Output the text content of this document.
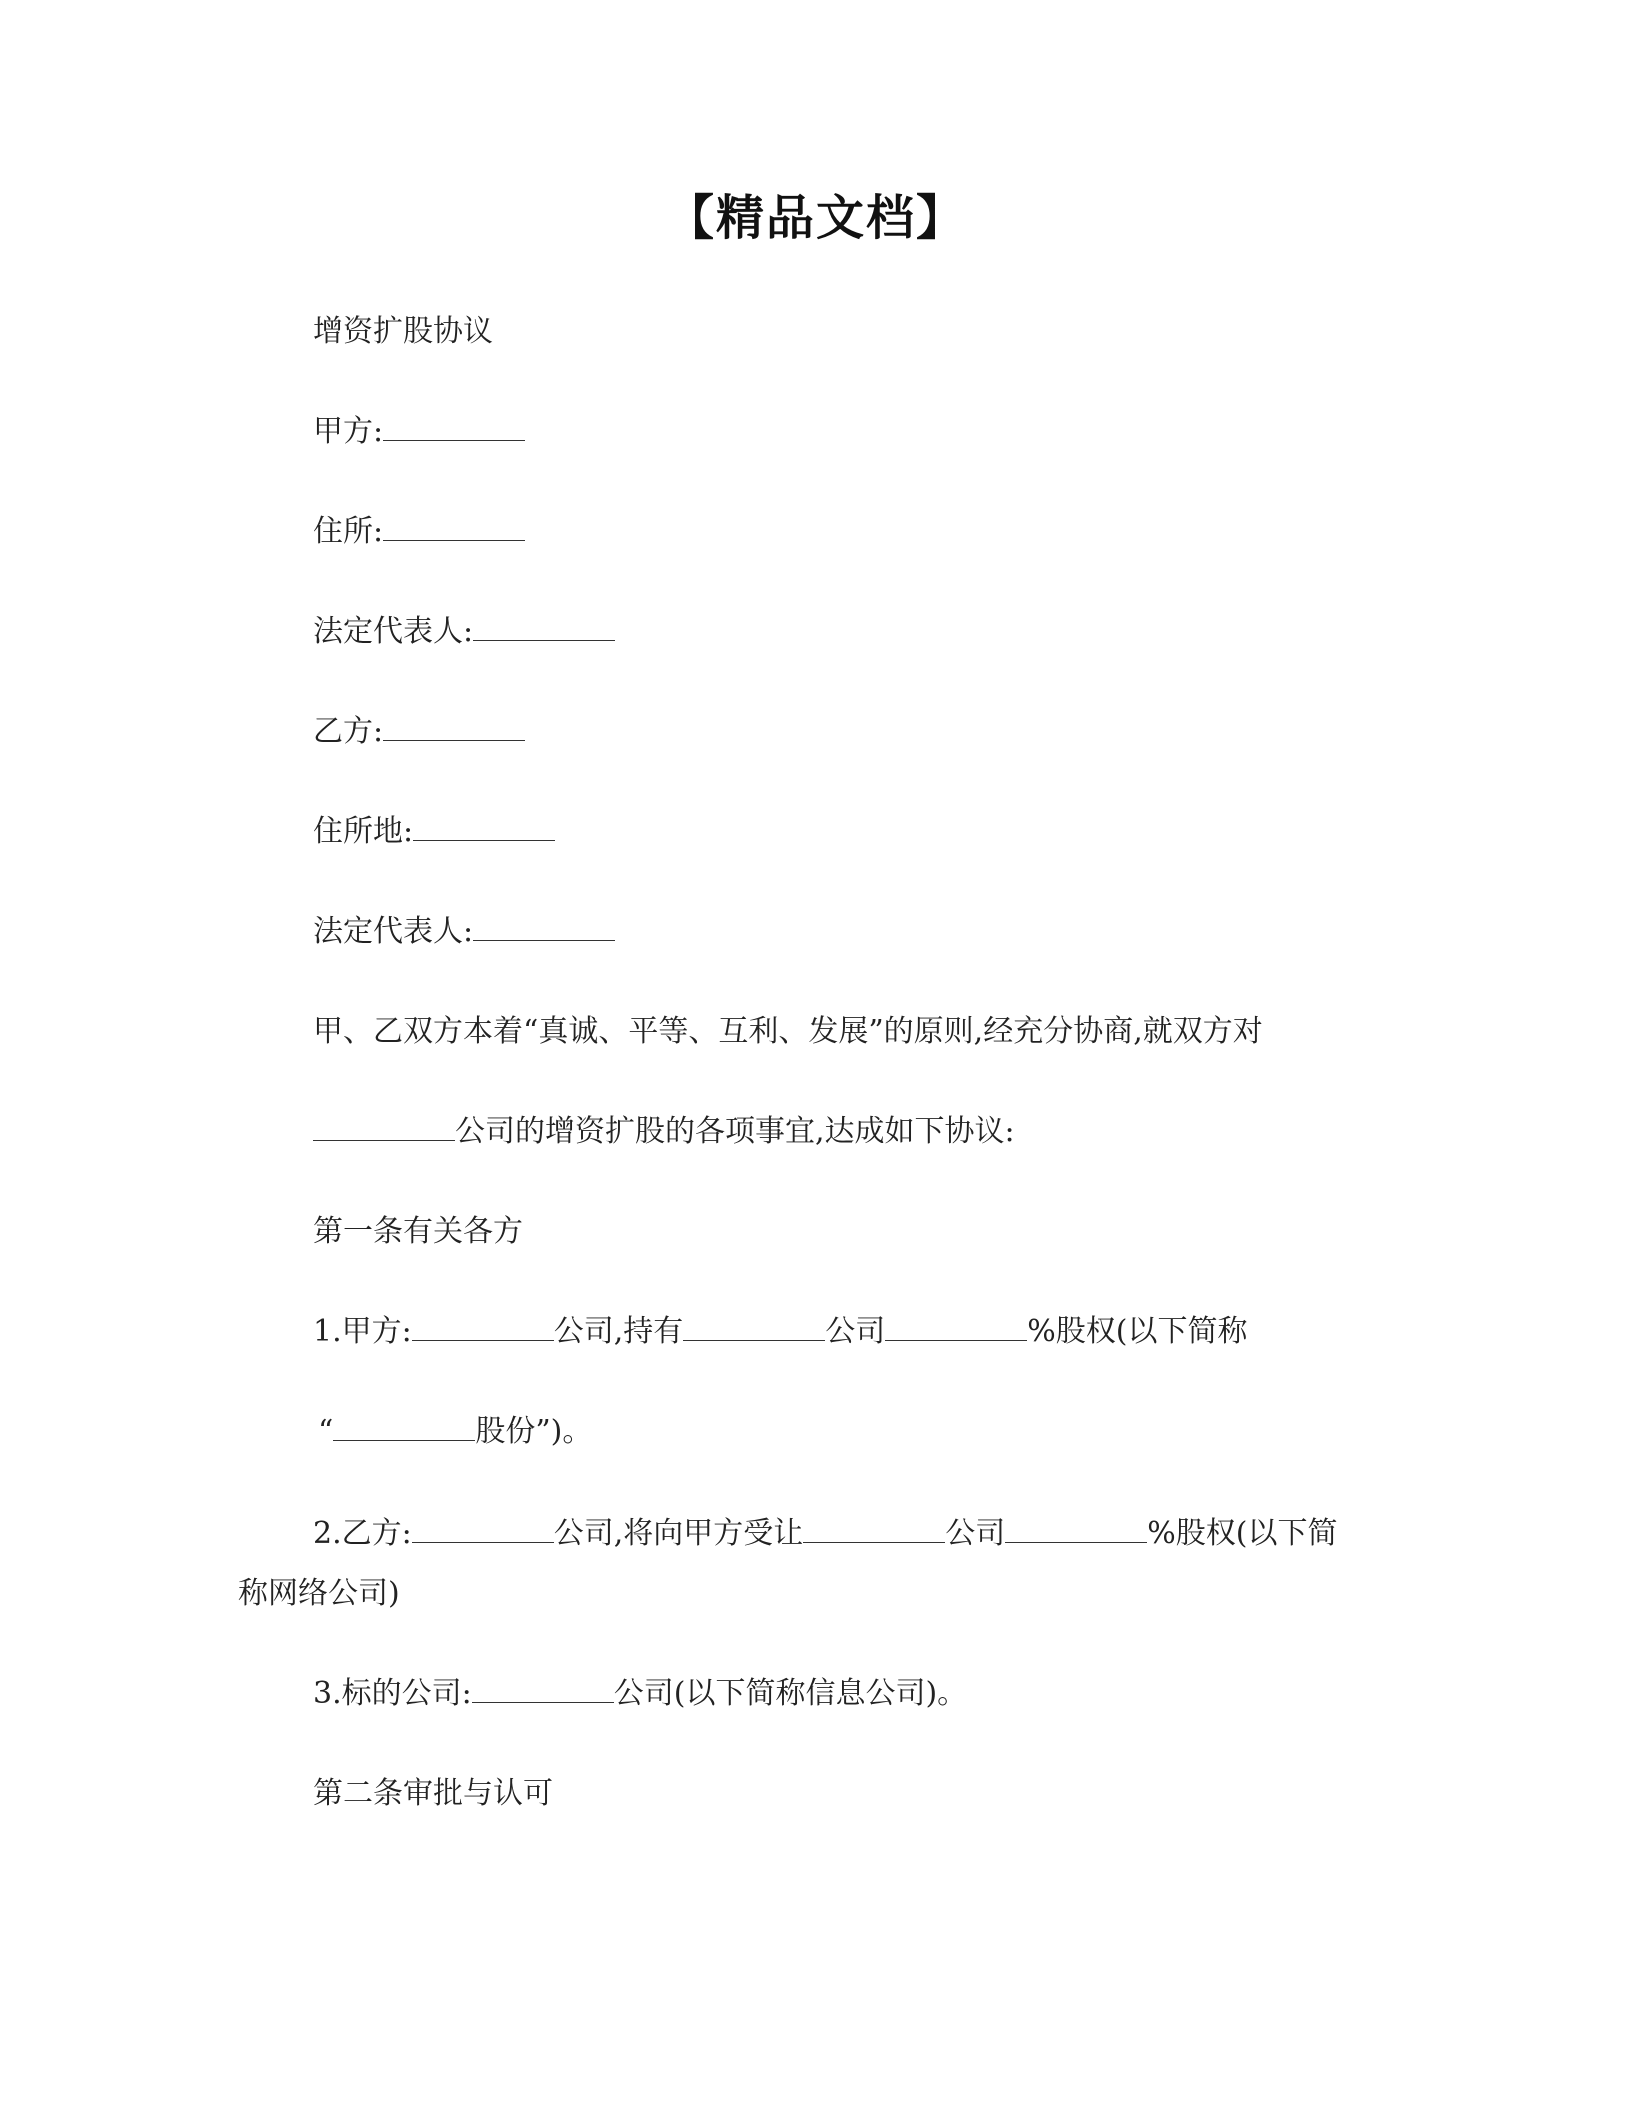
【精品文档】
增资扩股协议
甲方:
住所:
法定代表人:
乙方:
住所地:
法定代表人:
甲、乙双方本着“真诚、平等、互利、发展”的原则,经充分协商,就双方对
公司的增资扩股的各项事宜,达成如下协议:
第一条有关各方
1.甲方:	公司,持有	公司	%股权(以下简称
“	股份”)。
2.乙方:	公司,将向甲方受让	公司	%股权(以下简
称网络公司)
3.标的公司:	公司(以下简称信息公司)。
第二条审批与认可
